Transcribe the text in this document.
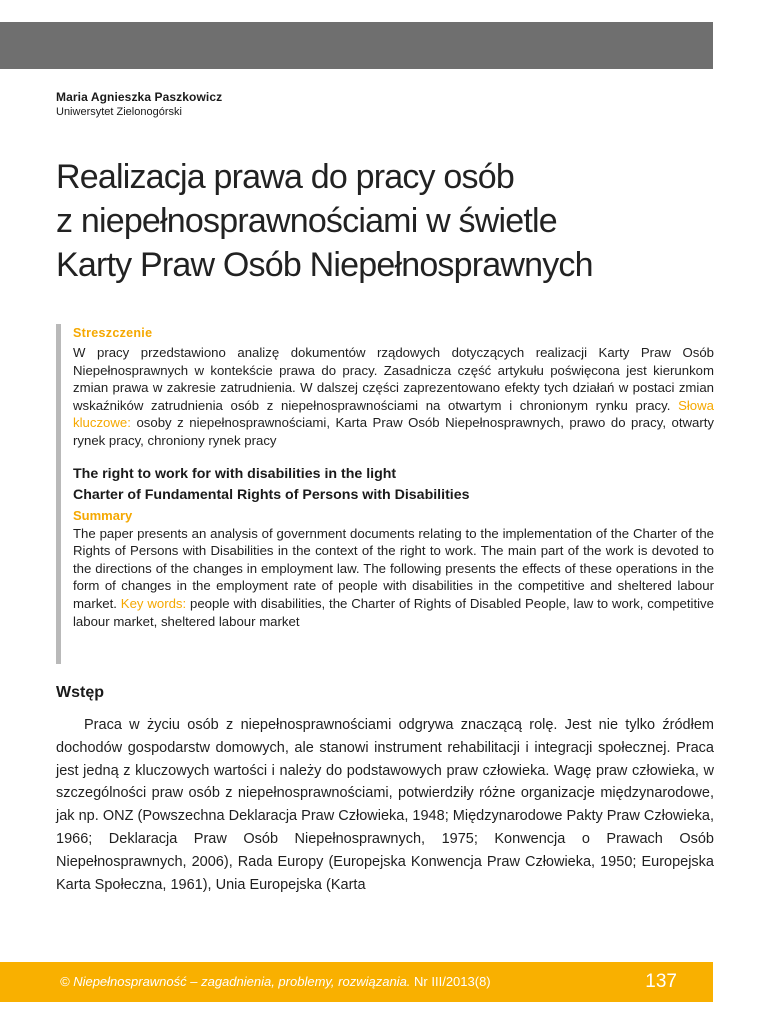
Maria Agnieszka Paszkowicz
Uniwersytet Zielonogórski
Realizacja prawa do pracy osób
z niepełnosprawnościami w świetle
Karty Praw Osób Niepełnosprawnych

Streszczenie

W pracy przedstawiono analizę dokumentów rządowych dotyczących realizacji Karty Praw Osób Niepełnosprawnych w kontekście prawa do pracy. Zasadnicza część artykułu poświęcona jest kierunkom zmian prawa w zakresie zatrudnienia. W dalszej części zaprezentowano efekty tych działań w postaci zmian wskaźników zatrudnienia osób z niepełnosprawnościami na otwartym i chronionym rynku pracy. Słowa kluczowe: osoby z niepełnosprawnościami, Karta Praw Osób Niepełnosprawnych, prawo do pracy, otwarty rynek pracy, chroniony rynek pracy

The right to work for with disabilities in the light
Charter of Fundamental Rights of Persons with Disabilities

Summary

The paper presents an analysis of government documents relating to the implementation of the Charter of the Rights of Persons with Disabilities in the context of the right to work. The main part of the work is devoted to the directions of the changes in employment law. The following presents the effects of these operations in the form of changes in the employment rate of people with disabilities in the competitive and sheltered labour market. Key words: people with disabilities, the Charter of Rights of Disabled People, law to work, competitive labour market, sheltered labour market

Wstęp

Praca w życiu osób z niepełnosprawnościami odgrywa znaczącą rolę. Jest nie tylko źródłem dochodów gospodarstw domowych, ale stanowi instrument rehabilitacji i integracji społecznej. Praca jest jedną z kluczowych wartości i należy do podstawowych praw człowieka. Wagę praw człowieka, w szczególności praw osób z niepełnosprawnościami, potwierdziły różne organizacje międzynarodowe, jak np. ONZ (Powszechna Deklaracja Praw Człowieka, 1948; Międzynarodowe Pakty Praw Człowieka, 1966; Deklaracja Praw Osób Niepełnosprawnych, 1975; Konwencja o Prawach Osób Niepełnosprawnych, 2006), Rada Europy (Europejska Konwencja Praw Człowieka, 1950; Europejska Karta Społeczna, 1961), Unia Europejska (Karta

© Niepełnosprawność – zagadnienia, problemy, rozwiązania. Nr III/2013(8)	137
